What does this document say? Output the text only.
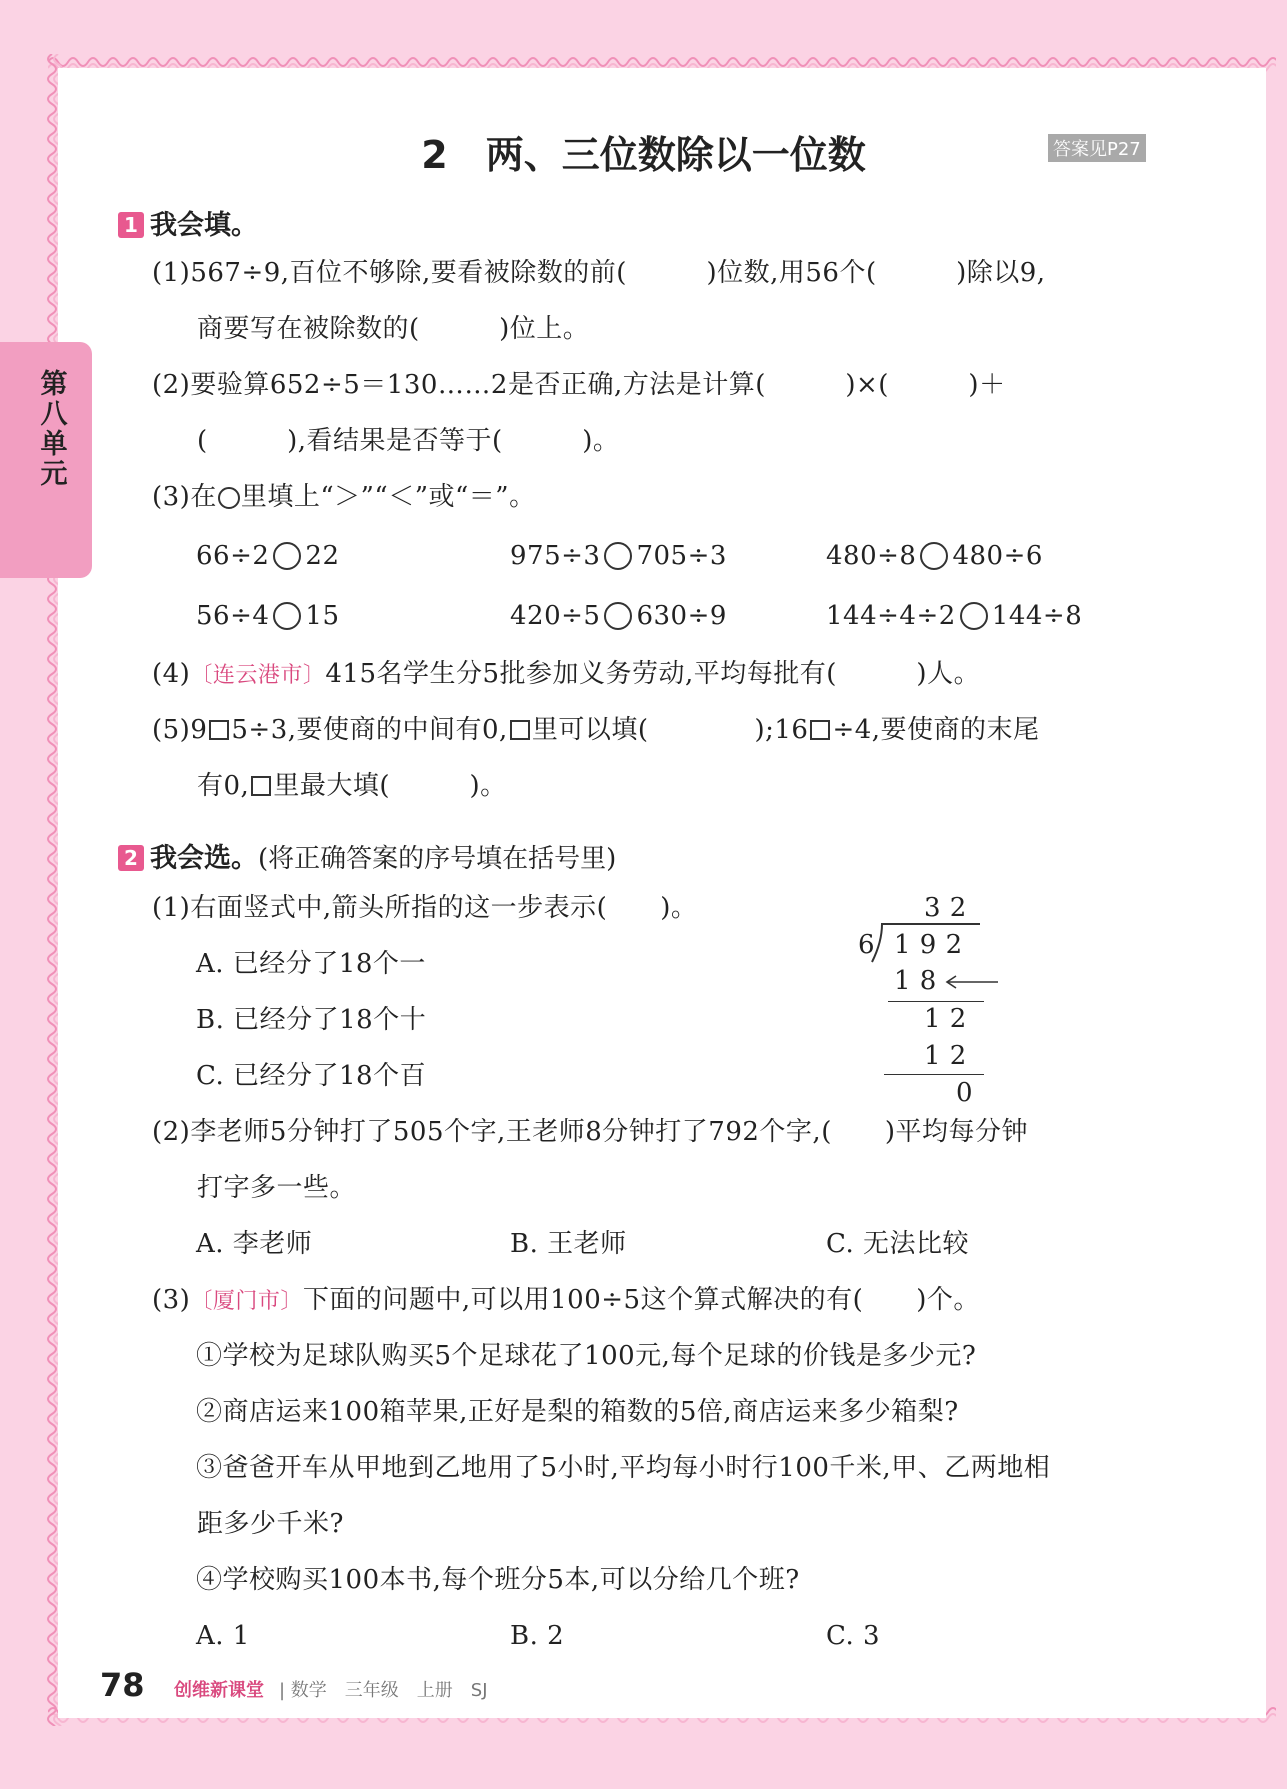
第八单元
2　两、三位数除以一位数	答案见P27
1 我会填。
(1)567÷9,百位不够除,要看被除数的前(　　　)位数,用56个(　　　)除以9,
商要写在被除数的(　　　)位上。
(2)要验算652÷5＝130……2是否正确,方法是计算(　　　)×(　　　)＋
(　　　),看结果是否等于(　　　)。
(3)在 里填上“＞”“＜”或“＝”。
66÷2 22	975÷3 705÷3	480÷8 480÷6
56÷4 15	420÷5 630÷9	144÷4÷2 144÷8
(4)〔连云港市〕415名学生分5批参加义务劳动,平均每批有(　　　)人。
(5)9 5÷3,要使商的中间有0, 里可以填(　　　　);16 ÷4,要使商的末尾
有0, 里最大填(　　　)。
2 我会选。(将正确答案的序号填在括号里)
(1)右面竖式中,箭头所指的这一步表示(　　)。
A. 已经分了18个一
B. 已经分了18个十
C. 已经分了18个百
3 2
6 1 9 2
1 8
1 2
1 2
0
(2)李老师5分钟打了505个字,王老师8分钟打了792个字,(　　)平均每分钟
打字多一些。
A. 李老师	B. 王老师	C. 无法比较
(3)〔厦门市〕下面的问题中,可以用100÷5这个算式解决的有(　　)个。
①学校为足球队购买5个足球花了100元,每个足球的价钱是多少元?
②商店运来100箱苹果,正好是梨的箱数的5倍,商店运来多少箱梨?
③爸爸开车从甲地到乙地用了5小时,平均每小时行100千米,甲、乙两地相
距多少千米?
④学校购买100本书,每个班分5本,可以分给几个班?
A. 1	B. 2	C. 3
78 创维新课堂 | 数学　三年级　上册　SJ
